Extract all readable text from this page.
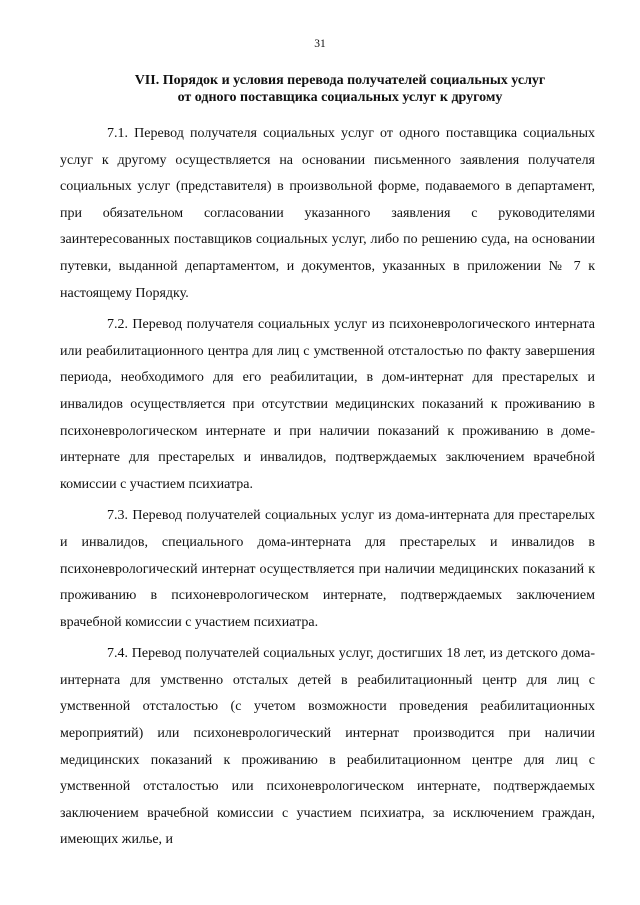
31
VII. Порядок и условия перевода получателей социальных услуг
от одного поставщика социальных услуг к другому

7.1. Перевод получателя социальных услуг от одного поставщика социальных услуг к другому осуществляется на основании письменного заявления получателя социальных услуг (представителя) в произвольной форме, подаваемого в департамент, при обязательном согласовании указанного заявления с руководителями заинтересованных поставщиков социальных услуг, либо по решению суда, на основании путевки, выданной департаментом, и документов, указанных в приложении № 7 к настоящему Порядку.

7.2. Перевод получателя социальных услуг из психоневрологического интерната или реабилитационного центра для лиц с умственной отсталостью по факту завершения периода, необходимого для его реабилитации, в дом-интернат для престарелых и инвалидов осуществляется при отсутствии медицинских показаний к проживанию в психоневрологическом интернате и при наличии показаний к проживанию в доме-интернате для престарелых и инвалидов, подтверждаемых заключением врачебной комиссии с участием психиатра.

7.3. Перевод получателей социальных услуг из дома-интерната для престарелых и инвалидов, специального дома-интерната для престарелых и инвалидов в психоневрологический интернат осуществляется при наличии медицинских показаний к проживанию в психоневрологическом интернате, подтверждаемых заключением врачебной комиссии с участием психиатра.

7.4. Перевод получателей социальных услуг, достигших 18 лет, из детского дома-интерната для умственно отсталых детей в реабилитационный центр для лиц с умственной отсталостью (с учетом возможности проведения реабилитационных мероприятий) или психоневрологический интернат производится при наличии медицинских показаний к проживанию в реабилитационном центре для лиц с умственной отсталостью или психоневрологическом интернате, подтверждаемых заключением врачебной комиссии с участием психиатра, за исключением граждан, имеющих жилье, и
